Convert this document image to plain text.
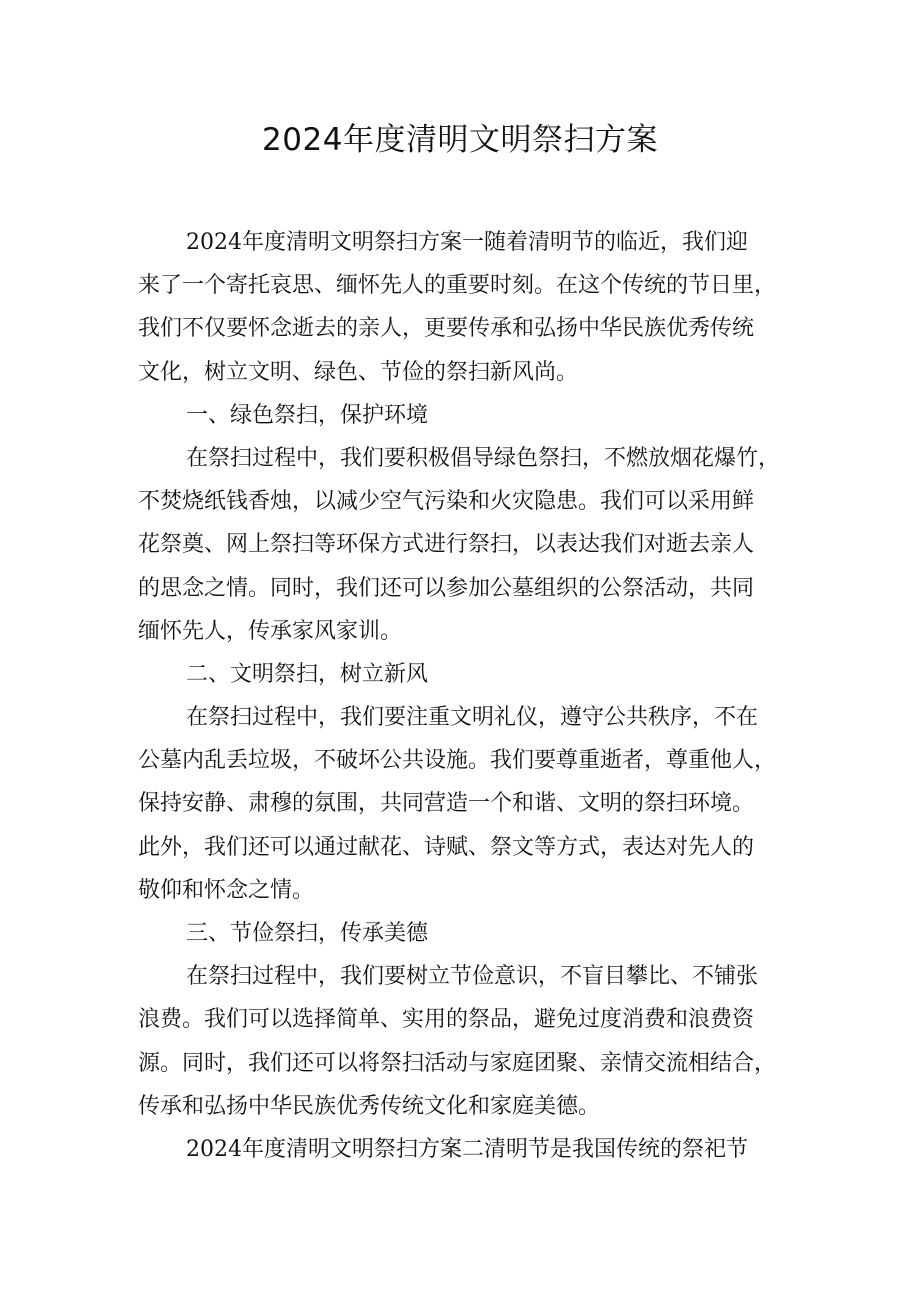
2024年度清明文明祭扫方案
2024年度清明文明祭扫方案一随着清明节的临近，我们迎
来了一个寄托哀思、缅怀先人的重要时刻。在这个传统的节日里，
我们不仅要怀念逝去的亲人，更要传承和弘扬中华民族优秀传统
文化，树立文明、绿色、节俭的祭扫新风尚。
一、绿色祭扫，保护环境
在祭扫过程中，我们要积极倡导绿色祭扫，不燃放烟花爆竹，
不焚烧纸钱香烛，以减少空气污染和火灾隐患。我们可以采用鲜
花祭奠、网上祭扫等环保方式进行祭扫，以表达我们对逝去亲人
的思念之情。同时，我们还可以参加公墓组织的公祭活动，共同
缅怀先人，传承家风家训。
二、文明祭扫，树立新风
在祭扫过程中，我们要注重文明礼仪，遵守公共秩序，不在
公墓内乱丢垃圾，不破坏公共设施。我们要尊重逝者，尊重他人，
保持安静、肃穆的氛围，共同营造一个和谐、文明的祭扫环境。
此外，我们还可以通过献花、诗赋、祭文等方式，表达对先人的
敬仰和怀念之情。
三、节俭祭扫，传承美德
在祭扫过程中，我们要树立节俭意识，不盲目攀比、不铺张
浪费。我们可以选择简单、实用的祭品，避免过度消费和浪费资
源。同时，我们还可以将祭扫活动与家庭团聚、亲情交流相结合，
传承和弘扬中华民族优秀传统文化和家庭美德。
2024年度清明文明祭扫方案二清明节是我国传统的祭祀节
